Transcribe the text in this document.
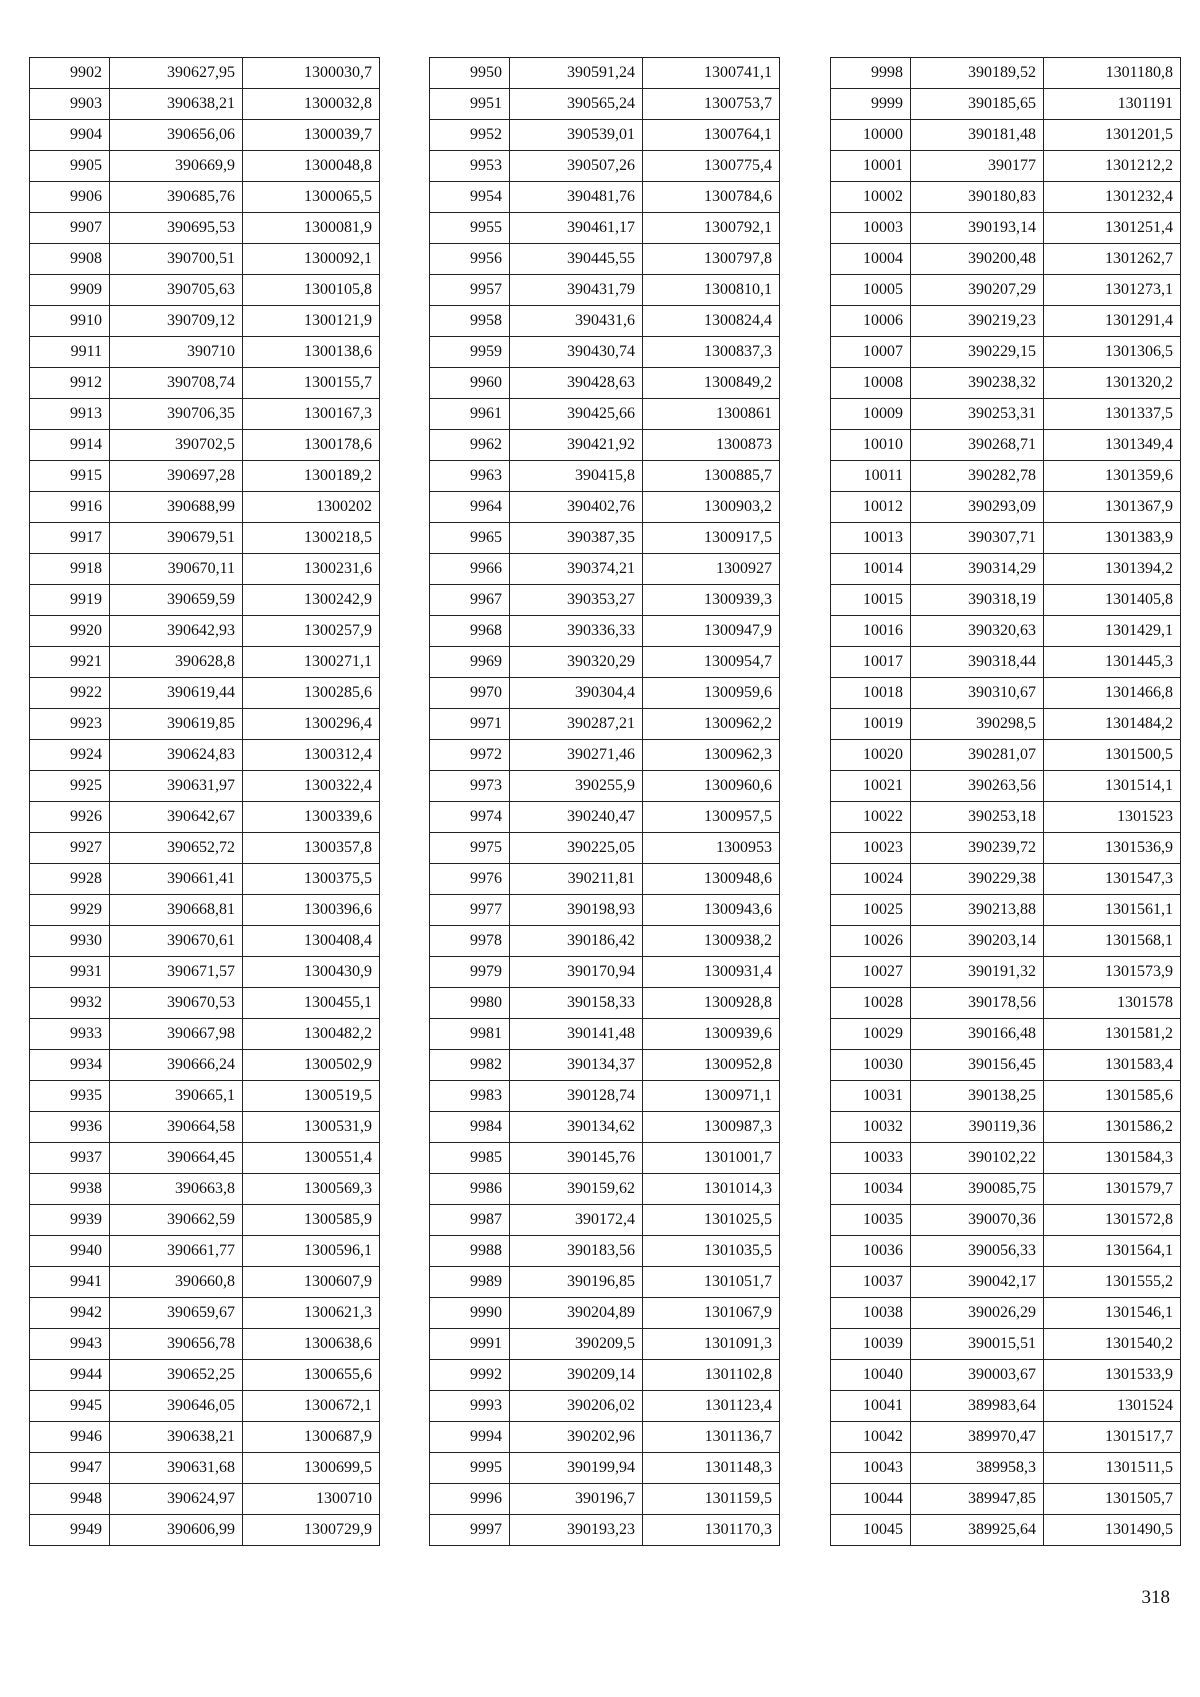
9902	390627,95	1300030,7
9903	390638,21	1300032,8
9904	390656,06	1300039,7
9905	390669,9	1300048,8
9906	390685,76	1300065,5
9907	390695,53	1300081,9
9908	390700,51	1300092,1
9909	390705,63	1300105,8
9910	390709,12	1300121,9
9911	390710	1300138,6
9912	390708,74	1300155,7
9913	390706,35	1300167,3
9914	390702,5	1300178,6
9915	390697,28	1300189,2
9916	390688,99	1300202
9917	390679,51	1300218,5
9918	390670,11	1300231,6
9919	390659,59	1300242,9
9920	390642,93	1300257,9
9921	390628,8	1300271,1
9922	390619,44	1300285,6
9923	390619,85	1300296,4
9924	390624,83	1300312,4
9925	390631,97	1300322,4
9926	390642,67	1300339,6
9927	390652,72	1300357,8
9928	390661,41	1300375,5
9929	390668,81	1300396,6
9930	390670,61	1300408,4
9931	390671,57	1300430,9
9932	390670,53	1300455,1
9933	390667,98	1300482,2
9934	390666,24	1300502,9
9935	390665,1	1300519,5
9936	390664,58	1300531,9
9937	390664,45	1300551,4
9938	390663,8	1300569,3
9939	390662,59	1300585,9
9940	390661,77	1300596,1
9941	390660,8	1300607,9
9942	390659,67	1300621,3
9943	390656,78	1300638,6
9944	390652,25	1300655,6
9945	390646,05	1300672,1
9946	390638,21	1300687,9
9947	390631,68	1300699,5
9948	390624,97	1300710
9949	390606,99	1300729,9
9950	390591,24	1300741,1
9951	390565,24	1300753,7
9952	390539,01	1300764,1
9953	390507,26	1300775,4
9954	390481,76	1300784,6
9955	390461,17	1300792,1
9956	390445,55	1300797,8
9957	390431,79	1300810,1
9958	390431,6	1300824,4
9959	390430,74	1300837,3
9960	390428,63	1300849,2
9961	390425,66	1300861
9962	390421,92	1300873
9963	390415,8	1300885,7
9964	390402,76	1300903,2
9965	390387,35	1300917,5
9966	390374,21	1300927
9967	390353,27	1300939,3
9968	390336,33	1300947,9
9969	390320,29	1300954,7
9970	390304,4	1300959,6
9971	390287,21	1300962,2
9972	390271,46	1300962,3
9973	390255,9	1300960,6
9974	390240,47	1300957,5
9975	390225,05	1300953
9976	390211,81	1300948,6
9977	390198,93	1300943,6
9978	390186,42	1300938,2
9979	390170,94	1300931,4
9980	390158,33	1300928,8
9981	390141,48	1300939,6
9982	390134,37	1300952,8
9983	390128,74	1300971,1
9984	390134,62	1300987,3
9985	390145,76	1301001,7
9986	390159,62	1301014,3
9987	390172,4	1301025,5
9988	390183,56	1301035,5
9989	390196,85	1301051,7
9990	390204,89	1301067,9
9991	390209,5	1301091,3
9992	390209,14	1301102,8
9993	390206,02	1301123,4
9994	390202,96	1301136,7
9995	390199,94	1301148,3
9996	390196,7	1301159,5
9997	390193,23	1301170,3
9998	390189,52	1301180,8
9999	390185,65	1301191
10000	390181,48	1301201,5
10001	390177	1301212,2
10002	390180,83	1301232,4
10003	390193,14	1301251,4
10004	390200,48	1301262,7
10005	390207,29	1301273,1
10006	390219,23	1301291,4
10007	390229,15	1301306,5
10008	390238,32	1301320,2
10009	390253,31	1301337,5
10010	390268,71	1301349,4
10011	390282,78	1301359,6
10012	390293,09	1301367,9
10013	390307,71	1301383,9
10014	390314,29	1301394,2
10015	390318,19	1301405,8
10016	390320,63	1301429,1
10017	390318,44	1301445,3
10018	390310,67	1301466,8
10019	390298,5	1301484,2
10020	390281,07	1301500,5
10021	390263,56	1301514,1
10022	390253,18	1301523
10023	390239,72	1301536,9
10024	390229,38	1301547,3
10025	390213,88	1301561,1
10026	390203,14	1301568,1
10027	390191,32	1301573,9
10028	390178,56	1301578
10029	390166,48	1301581,2
10030	390156,45	1301583,4
10031	390138,25	1301585,6
10032	390119,36	1301586,2
10033	390102,22	1301584,3
10034	390085,75	1301579,7
10035	390070,36	1301572,8
10036	390056,33	1301564,1
10037	390042,17	1301555,2
10038	390026,29	1301546,1
10039	390015,51	1301540,2
10040	390003,67	1301533,9
10041	389983,64	1301524
10042	389970,47	1301517,7
10043	389958,3	1301511,5
10044	389947,85	1301505,7
10045	389925,64	1301490,5
318
